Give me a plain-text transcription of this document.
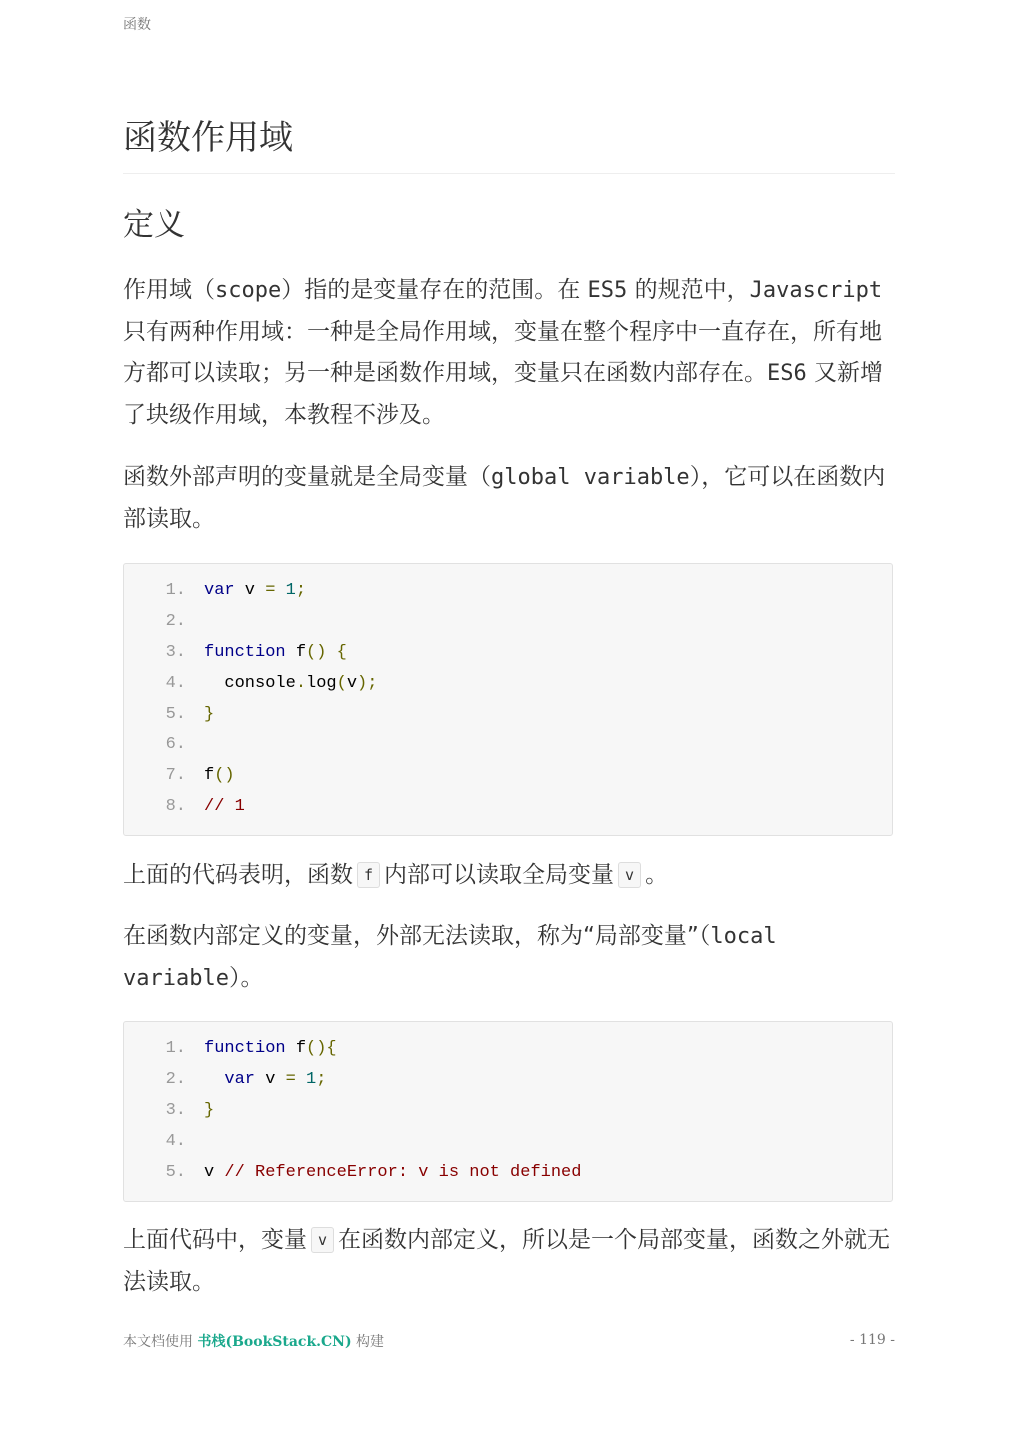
函数
函数作用域
定义

作用域（scope）指的是变量存在的范围。在 ES5 的规范中，Javascript 只有两种作用域：一种是全局作用域，变量在整个程序中一直存在，所有地方都可以读取；另一种是函数作用域，变量只在函数内部存在。ES6 又新增了块级作用域，本教程不涉及。

函数外部声明的变量就是全局变量（global variable），它可以在函数内部读取。

1.	var v = 1;
2.
3.	function f() {
4.	console.log(v);
5.	}
6.
7.	f()
8.	// 1

上面的代码表明，函数 f 内部可以读取全局变量 v 。

在函数内部定义的变量，外部无法读取，称为“局部变量”（local variable）。

1.	function f(){
2.	var v = 1;
3.	}
4.
5.	v // ReferenceError: v is not defined

上面代码中，变量 v 在函数内部定义，所以是一个局部变量，函数之外就无法读取。

本文档使用 书栈(BookStack.CN) 构建	- 119 -
